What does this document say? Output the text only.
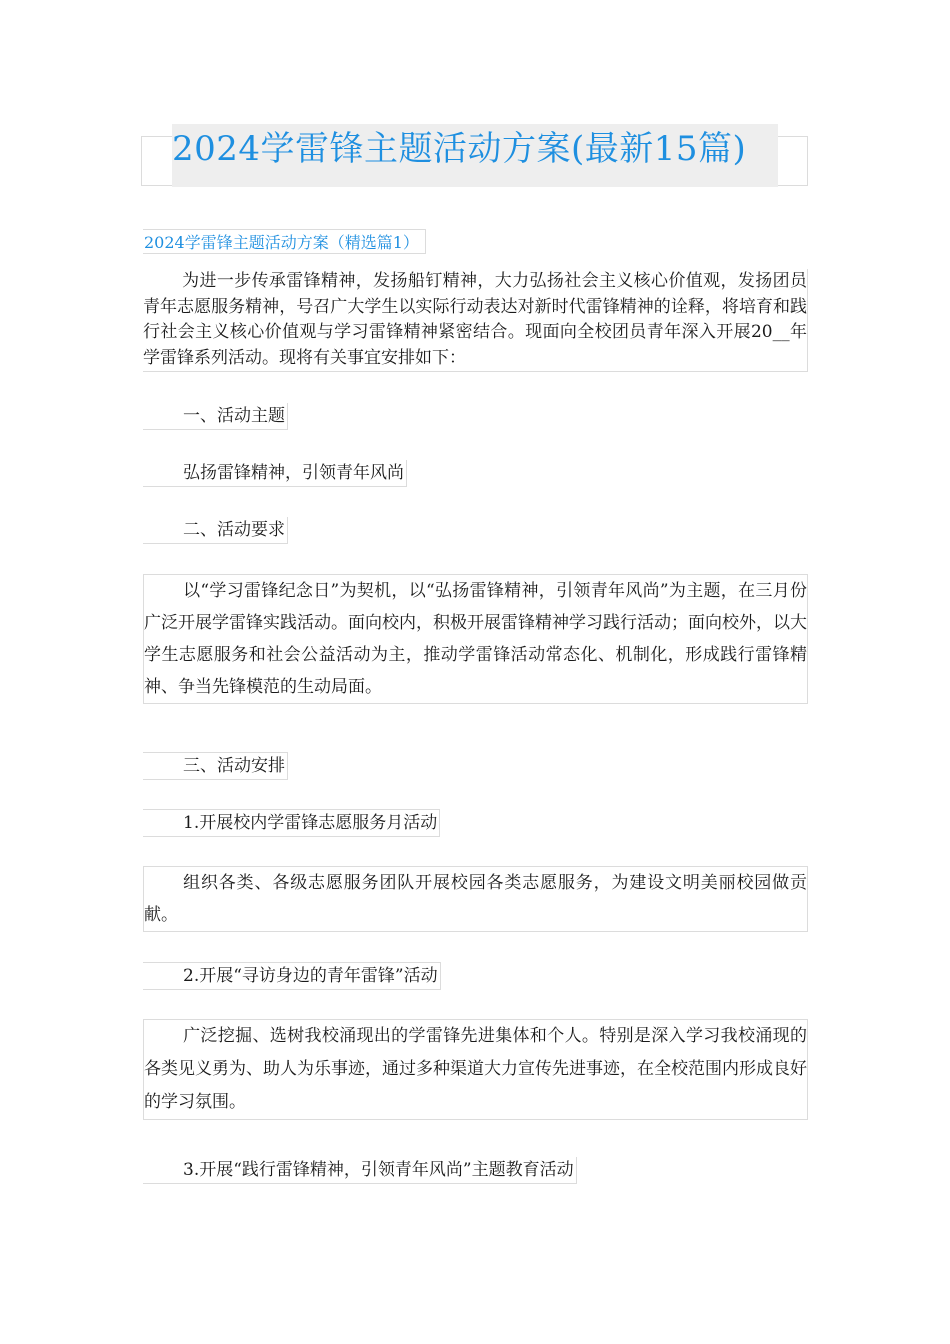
2024学雷锋主题活动方案(最新15篇)
2024学雷锋主题活动方案（精选篇1）

为进一步传承雷锋精神，发扬船钉精神，大力弘扬社会主义核心价值观，发扬团员青年志愿服务精神，号召广大学生以实际行动表达对新时代雷锋精神的诠释，将培育和践行社会主义核心价值观与学习雷锋精神紧密结合。现面向全校团员青年深入开展20__年学雷锋系列活动。现将有关事宜安排如下：

一、活动主题
弘扬雷锋精神，引领青年风尚
二、活动要求

以“学习雷锋纪念日”为契机，以“弘扬雷锋精神，引领青年风尚”为主题，在三月份广泛开展学雷锋实践活动。面向校内，积极开展雷锋精神学习践行活动；面向校外，以大学生志愿服务和社会公益活动为主，推动学雷锋活动常态化、机制化，形成践行雷锋精神、争当先锋模范的生动局面。

三、活动安排
1.开展校内学雷锋志愿服务月活动

组织各类、各级志愿服务团队开展校园各类志愿服务，为建设文明美丽校园做贡献。

2.开展“寻访身边的青年雷锋”活动

广泛挖掘、选树我校涌现出的学雷锋先进集体和个人。特别是深入学习我校涌现的各类见义勇为、助人为乐事迹，通过多种渠道大力宣传先进事迹，在全校范围内形成良好的学习氛围。

3.开展“践行雷锋精神，引领青年风尚”主题教育活动
